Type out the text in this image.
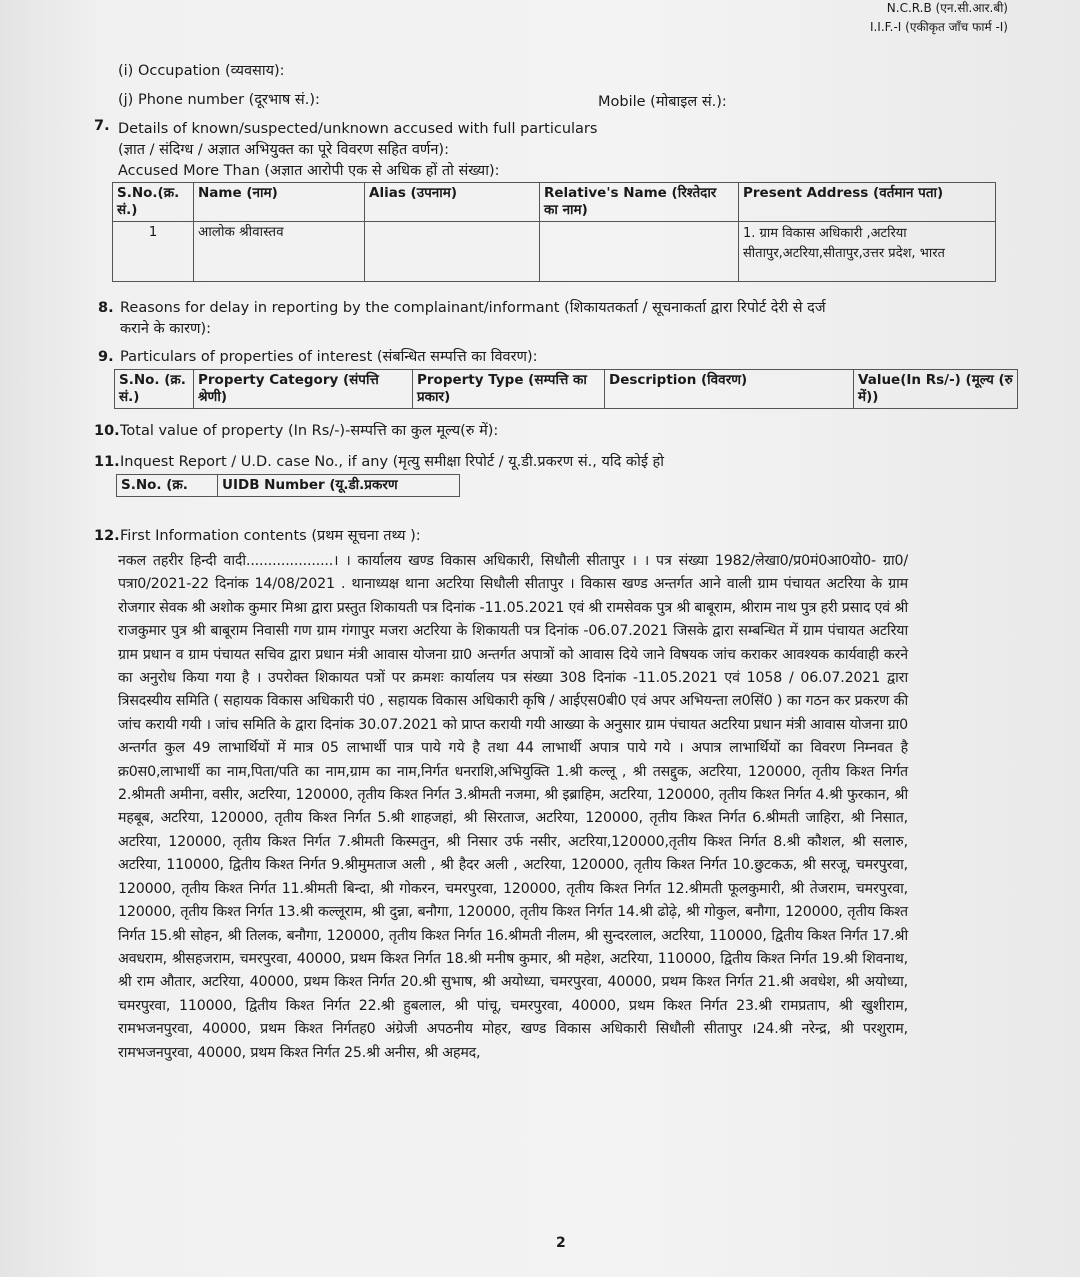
N.C.R.B (एन.सी.आर.बी)
I.I.F.-I (एकीकृत जाँच फार्म -I)
(i) Occupation (व्यवसाय):
(j) Phone number (दूरभाष सं.):	Mobile (मोबाइल सं.):
7. Details of known/suspected/unknown accused with full particulars
(ज्ञात / संदिग्ध / अज्ञात अभियुक्त का पूरे विवरण सहित वर्णन):
Accused More Than (अज्ञात आरोपी एक से अधिक हों तो संख्या):
S.No.(क्र. सं.)	Name (नाम)	Alias (उपनाम)	Relative's Name (रिश्तेदार का नाम)	Present Address (वर्तमान पता)
1	आलोक श्रीवास्तव			1. ग्राम विकास अधिकारी ,अटरिया सीतापुर,अटरिया,सीतापुर,उत्तर प्रदेश, भारत
8. Reasons for delay in reporting by the complainant/informant (शिकायतकर्ता / सूचनाकर्ता द्वारा रिपोर्ट देरी से दर्ज
कराने के कारण):
9. Particulars of properties of interest (संबन्धित सम्पत्ति का विवरण):
S.No. (क्र. सं.)	Property Category (संपत्ति श्रेणी)	Property Type (सम्पत्ति का प्रकार)	Description (विवरण)	Value(In Rs/-) (मूल्य (रु में))
10. Total value of property (In Rs/-)-सम्पत्ति का कुल मूल्य(रु में):
11. Inquest Report / U.D. case No., if any (मृत्यु समीक्षा रिपोर्ट / यू.डी.प्रकरण सं., यदि कोई हो
S.No. (क्र.	UIDB Number (यू.डी.प्रकरण
12. First Information contents (प्रथम सूचना तथ्य ):
नकल तहरीर हिन्दी वादी....................। । कार्यालय खण्ड विकास अधिकारी, सिधौली सीतापुर । । पत्र संख्या 1982/लेखा0/प्र0मं0आ0यो0- ग्रा0/पत्रा0/2021-22 दिनांक 14/08/2021 . थानाध्यक्ष थाना अटरिया सिधौली सीतापुर । विकास खण्ड अन्तर्गत आने वाली ग्राम पंचायत अटरिया के ग्राम रोजगार सेवक श्री अशोक कुमार मिश्रा द्वारा प्रस्तुत शिकायती पत्र दिनांक -11.05.2021 एवं श्री रामसेवक पुत्र श्री बाबूराम, श्रीराम नाथ पुत्र हरी प्रसाद एवं श्री राजकुमार पुत्र श्री बाबूराम निवासी गण ग्राम गंगापुर मजरा अटरिया के शिकायती पत्र दिनांक -06.07.2021 जिसके द्वारा सम्बन्धित में ग्राम पंचायत अटरिया ग्राम प्रधान व ग्राम पंचायत सचिव द्वारा प्रधान मंत्री आवास योजना ग्रा0 अन्तर्गत अपात्रों को आवास दिये जाने विषयक जांच कराकर आवश्यक कार्यवाही करने का अनुरोध किया गया है । उपरोक्त शिकायत पत्रों पर क्रमशः कार्यालय पत्र संख्या 308 दिनांक -11.05.2021 एवं 1058 / 06.07.2021 द्वारा त्रिसदस्यीय समिति ( सहायक विकास अधिकारी पं0 , सहायक विकास अधिकारी कृषि / आईएस0बी0 एवं अपर अभियन्ता ल0सिं0 ) का गठन कर प्रकरण की जांच करायी गयी । जांच समिति के द्वारा दिनांक 30.07.2021 को प्राप्त करायी गयी आख्या के अनुसार ग्राम पंचायत अटरिया प्रधान मंत्री आवास योजना ग्रा0 अन्तर्गत कुल 49 लाभार्थियों में मात्र 05 लाभार्थी पात्र पाये गये है तथा 44 लाभार्थी अपात्र पाये गये । अपात्र लाभार्थियों का विवरण निम्नवत है क्र0स0,लाभार्थी का नाम,पिता/पति का नाम,ग्राम का नाम,निर्गत धनराशि,अभियुक्ति 1.श्री कल्लू , श्री तसद्दुक, अटरिया, 120000, तृतीय किश्त निर्गत 2.श्रीमती अमीना, वसीर, अटरिया, 120000, तृतीय किश्त निर्गत 3.श्रीमती नजमा, श्री इब्राहिम, अटरिया, 120000, तृतीय किश्त निर्गत 4.श्री फुरकान, श्री महबूब, अटरिया, 120000, तृतीय किश्त निर्गत 5.श्री शाहजहां, श्री सिरताज, अटरिया, 120000, तृतीय किश्त निर्गत 6.श्रीमती जाहिरा, श्री निसात, अटरिया, 120000, तृतीय किश्त निर्गत 7.श्रीमती किस्मतुन, श्री निसार उर्फ नसीर, अटरिया,120000,तृतीय किश्त निर्गत 8.श्री कौशल, श्री सलारु, अटरिया, 110000, द्वितीय किश्त निर्गत 9.श्रीमुमताज अली , श्री हैदर अली , अटरिया, 120000, तृतीय किश्त निर्गत 10.छुटकऊ, श्री सरजू, चमरपुरवा, 120000, तृतीय किश्त निर्गत 11.श्रीमती बिन्दा, श्री गोकरन, चमरपुरवा, 120000, तृतीय किश्त निर्गत 12.श्रीमती फूलकुमारी, श्री तेजराम, चमरपुरवा, 120000, तृतीय किश्त निर्गत 13.श्री कल्लूराम, श्री दुन्ना, बनौगा, 120000, तृतीय किश्त निर्गत 14.श्री ढोढ़े, श्री गोकुल, बनौगा, 120000, तृतीय किश्त निर्गत 15.श्री सोहन, श्री तिलक, बनौगा, 120000, तृतीय किश्त निर्गत 16.श्रीमती नीलम, श्री सुन्दरलाल, अटरिया, 110000, द्वितीय किश्त निर्गत 17.श्री अवधराम, श्रीसहजराम, चमरपुरवा, 40000, प्रथम किश्त निर्गत 18.श्री मनीष कुमार, श्री महेश, अटरिया, 110000, द्वितीय किश्त निर्गत 19.श्री शिवनाथ, श्री राम औतार, अटरिया, 40000, प्रथम किश्त निर्गत 20.श्री सुभाष, श्री अयोध्या, चमरपुरवा, 40000, प्रथम किश्त निर्गत 21.श्री अवधेश, श्री अयोध्या, चमरपुरवा, 110000, द्वितीय किश्त निर्गत 22.श्री हुबलाल, श्री पांचू, चमरपुरवा, 40000, प्रथम किश्त निर्गत 23.श्री रामप्रताप, श्री खुशीराम, रामभजनपुरवा, 40000, प्रथम किश्त निर्गतह0 अंग्रेजी अपठनीय मोहर, खण्ड विकास अधिकारी सिधौली सीतापुर ।24.श्री नरेन्द्र, श्री परशुराम, रामभजनपुरवा, 40000, प्रथम किश्त निर्गत 25.श्री अनीस, श्री अहमद,
2
